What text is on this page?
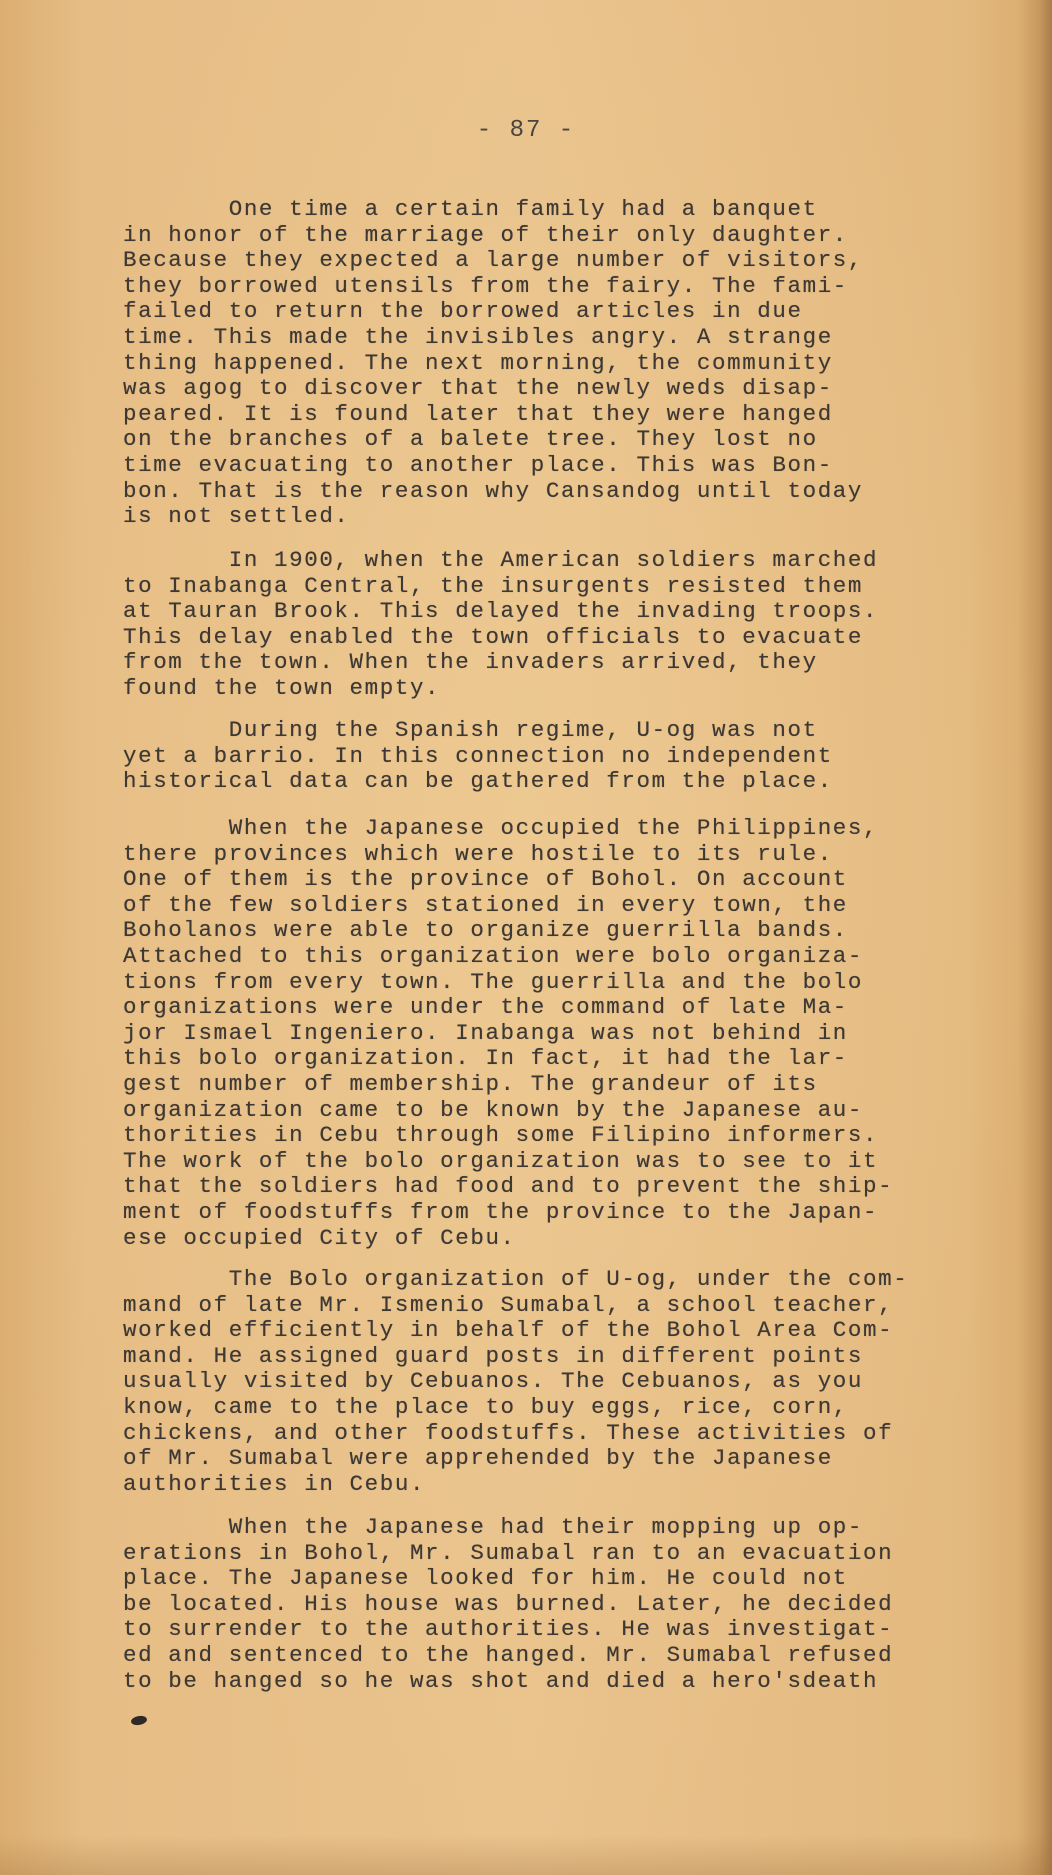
- 87 -

One time a certain family had a banquet
in honor of the marriage of their only daughter.
Because they expected a large number of visitors,
they borrowed utensils from the fairy. The fami-
failed to return the borrowed articles in due
time. This made the invisibles angry. A strange
thing happened. The next morning, the community
was agog to discover that the newly weds disap-
peared. It is found later that they were hanged
on the branches of a balete tree. They lost no
time evacuating to another place. This was Bon-
bon. That is the reason why Cansandog until today
is not settled.

In 1900, when the American soldiers marched
to Inabanga Central, the insurgents resisted them
at Tauran Brook. This delayed the invading troops.
This delay enabled the town officials to evacuate
from the town. When the invaders arrived, they
found the town empty.

During the Spanish regime, U-og was not
yet a barrio. In this connection no independent
historical data can be gathered from the place.

When the Japanese occupied the Philippines,
there provinces which were hostile to its rule.
One of them is the province of Bohol. On account
of the few soldiers stationed in every town, the
Boholanos were able to organize guerrilla bands.
Attached to this organization were bolo organiza-
tions from every town. The guerrilla and the bolo
organizations were under the command of late Ma-
jor Ismael Ingeniero. Inabanga was not behind in
this bolo organization. In fact, it had the lar-
gest number of membership. The grandeur of its
organization came to be known by the Japanese au-
thorities in Cebu through some Filipino informers.
The work of the bolo organization was to see to it
that the soldiers had food and to prevent the ship-
ment of foodstuffs from the province to the Japan-
ese occupied City of Cebu.

The Bolo organization of U-og, under the com-
mand of late Mr. Ismenio Sumabal, a school teacher,
worked efficiently in behalf of the Bohol Area Com-
mand. He assigned guard posts in different points
usually visited by Cebuanos. The Cebuanos, as you
know, came to the place to buy eggs, rice, corn,
chickens, and other foodstuffs. These activities of
of Mr. Sumabal were apprehended by the Japanese
authorities in Cebu.

When the Japanese had their mopping up op-
erations in Bohol, Mr. Sumabal ran to an evacuation
place. The Japanese looked for him. He could not
be located. His house was burned. Later, he decided
to surrender to the authorities. He was investigat-
ed and sentenced to the hanged. Mr. Sumabal refused
to be hanged so he was shot and died a hero'sdeath
